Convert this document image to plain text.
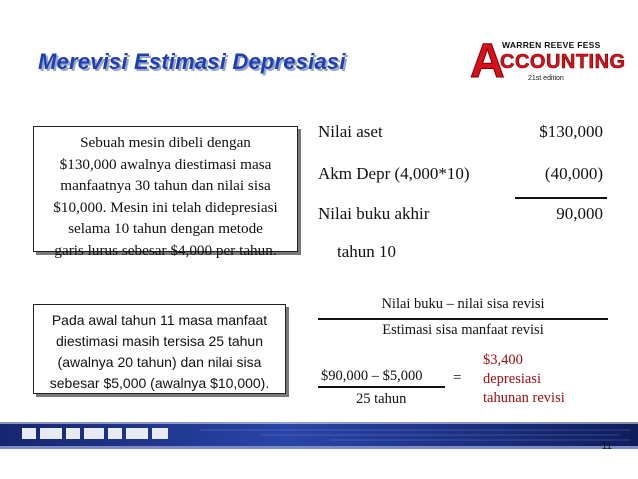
Merevisi Estimasi Depresiasi	A
WARREN REEVE FESS
CCOUNTING
21st edition

Sebuah mesin dibeli dengan

$130,000 awalnya diestimasi masa

manfaatnya 30 tahun dan nilai sisa

$10,000. Mesin ini telah didepresiasi

selama 10 tahun dengan metode

garis lurus sebesar $4,000 per tahun.

Pada awal tahun 11 masa manfaat

diestimasi masih tersisa 25 tahun

(awalnya 20 tahun) dan nilai sisa

sebesar $5,000 (awalnya $10,000).

Nilai aset	$130,000
Akm Depr (4,000*10)	(40,000)
Nilai buku akhir	90,000
tahun 10
Nilai buku – nilai sisa revisi
Estimasi sisa manfaat revisi
$90,000 – $5,000
25 tahun
=
$3,400
depresiasi
tahunan revisi
11
